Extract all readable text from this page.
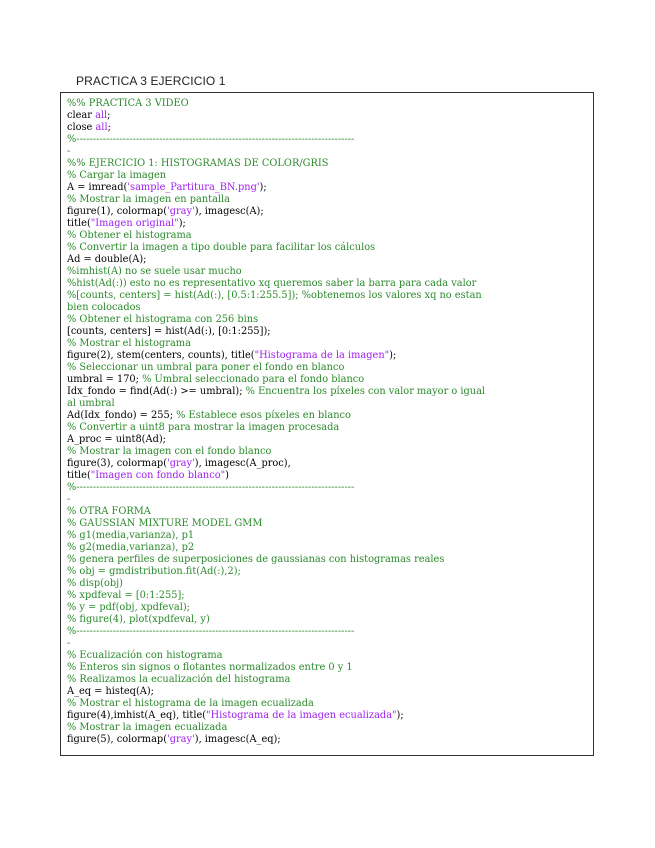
PRACTICA 3 EJERCICIO 1
%% PRACTICA 3 VIDEO
clear all;
close all;
%------------------------------------------------------------------------------------
-
%% EJERCICIO 1: HISTOGRAMAS DE COLOR/GRIS
% Cargar la imagen
A = imread('sample_Partitura_BN.png');
% Mostrar la imagen en pantalla
figure(1), colormap('gray'), imagesc(A);
title("Imagen original");
% Obtener el histograma
% Convertir la imagen a tipo double para facilitar los cálculos
Ad = double(A);
%imhist(A) no se suele usar mucho
%hist(Ad(:)) esto no es representativo xq queremos saber la barra para cada valor
%[counts, centers] = hist(Ad(:), [0.5:1:255.5]); %obtenemos los valores xq no estan
bien colocados
% Obtener el histograma con 256 bins
[counts, centers] = hist(Ad(:), [0:1:255]);
% Mostrar el histograma
figure(2), stem(centers, counts), title("Histograma de la imagen");
% Seleccionar un umbral para poner el fondo en blanco
umbral = 170; % Umbral seleccionado para el fondo blanco
Idx_fondo = find(Ad(:) >= umbral); % Encuentra los píxeles con valor mayor o igual
al umbral
Ad(Idx_fondo) = 255; % Establece esos píxeles en blanco
% Convertir a uint8 para mostrar la imagen procesada
A_proc = uint8(Ad);
% Mostrar la imagen con el fondo blanco
figure(3), colormap('gray'), imagesc(A_proc),
title("Imagen con fondo blanco")
%------------------------------------------------------------------------------------
-
% OTRA FORMA
% GAUSSIAN MIXTURE MODEL GMM
% g1(media,varianza), p1
% g2(media,varianza), p2
% genera perfiles de superposiciones de gaussianas con histogramas reales
% obj = gmdistribution.fit(Ad(:),2);
% disp(obj)
% xpdfeval = [0:1:255];
% y = pdf(obj, xpdfeval);
% figure(4), plot(xpdfeval, y)
%------------------------------------------------------------------------------------
-
% Ecualización con histograma
% Enteros sin signos o flotantes normalizados entre 0 y 1
% Realizamos la ecualización del histograma
A_eq = histeq(A);
% Mostrar el histograma de la imagen ecualizada
figure(4),imhist(A_eq), title("Histograma de la imagen ecualizada");
% Mostrar la imagen ecualizada
figure(5), colormap('gray'), imagesc(A_eq);
